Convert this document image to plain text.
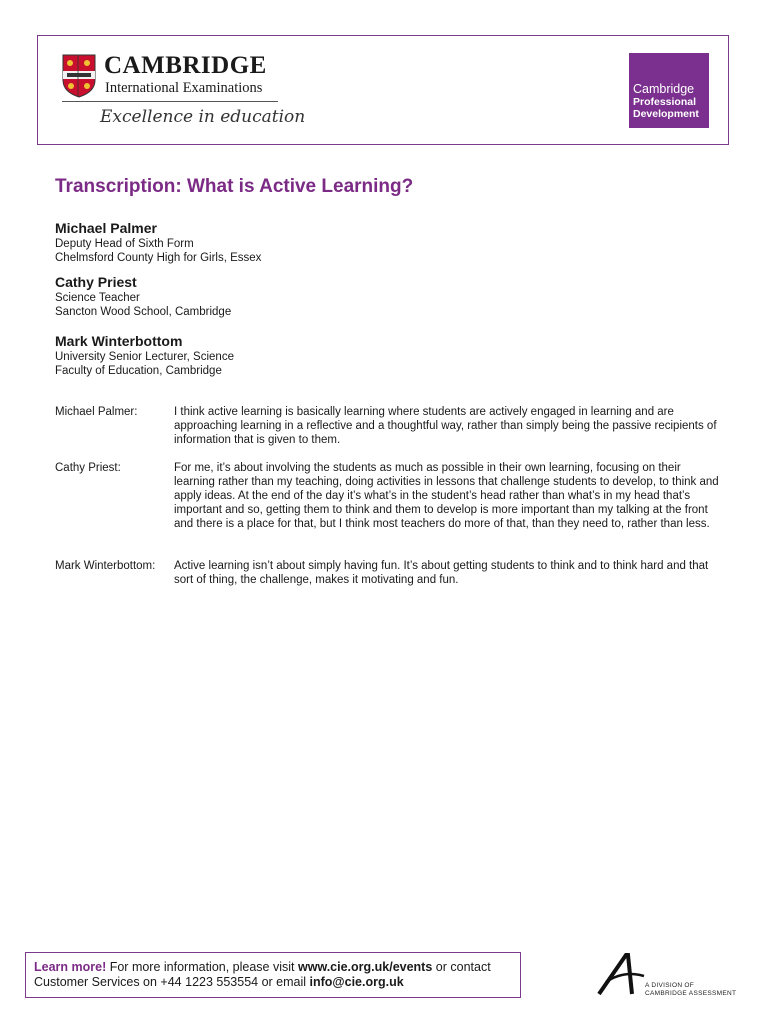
CAMBRIDGE
International Examinations
Excellence in education
Cambridge
Professional
Development
Transcription: What is Active Learning?
Michael Palmer
Deputy Head of Sixth Form
Chelmsford County High for Girls, Essex
Cathy Priest
Science Teacher
Sancton Wood School, Cambridge
Mark Winterbottom
University Senior Lecturer, Science
Faculty of Education, Cambridge
Michael Palmer:	I think active learning is basically learning where students are actively engaged in learning and are approaching learning in a reflective and a thoughtful way, rather than simply being the passive recipients of information that is given to them.
Cathy Priest:	For me, it’s about involving the students as much as possible in their own learning, focusing on their learning rather than my teaching, doing activities in lessons that challenge students to develop, to think and apply ideas. At the end of the day it’s what’s in the student’s head rather than what’s in my head that’s important and so, getting them to think and them to develop is more important than my talking at the front and there is a place for that, but I think most teachers do more of that, than they need to, rather than less.
Mark Winterbottom: Active learning isn’t about simply having fun. It’s about getting students to think and to think hard and that sort of thing, the challenge, makes it motivating and fun.
Learn more! For more information, please visit www.cie.org.uk/events or contact
Customer Services on +44 1223 553554 or email info@cie.org.uk	A DIVISION OF
CAMBRIDGE ASSESSMENT
